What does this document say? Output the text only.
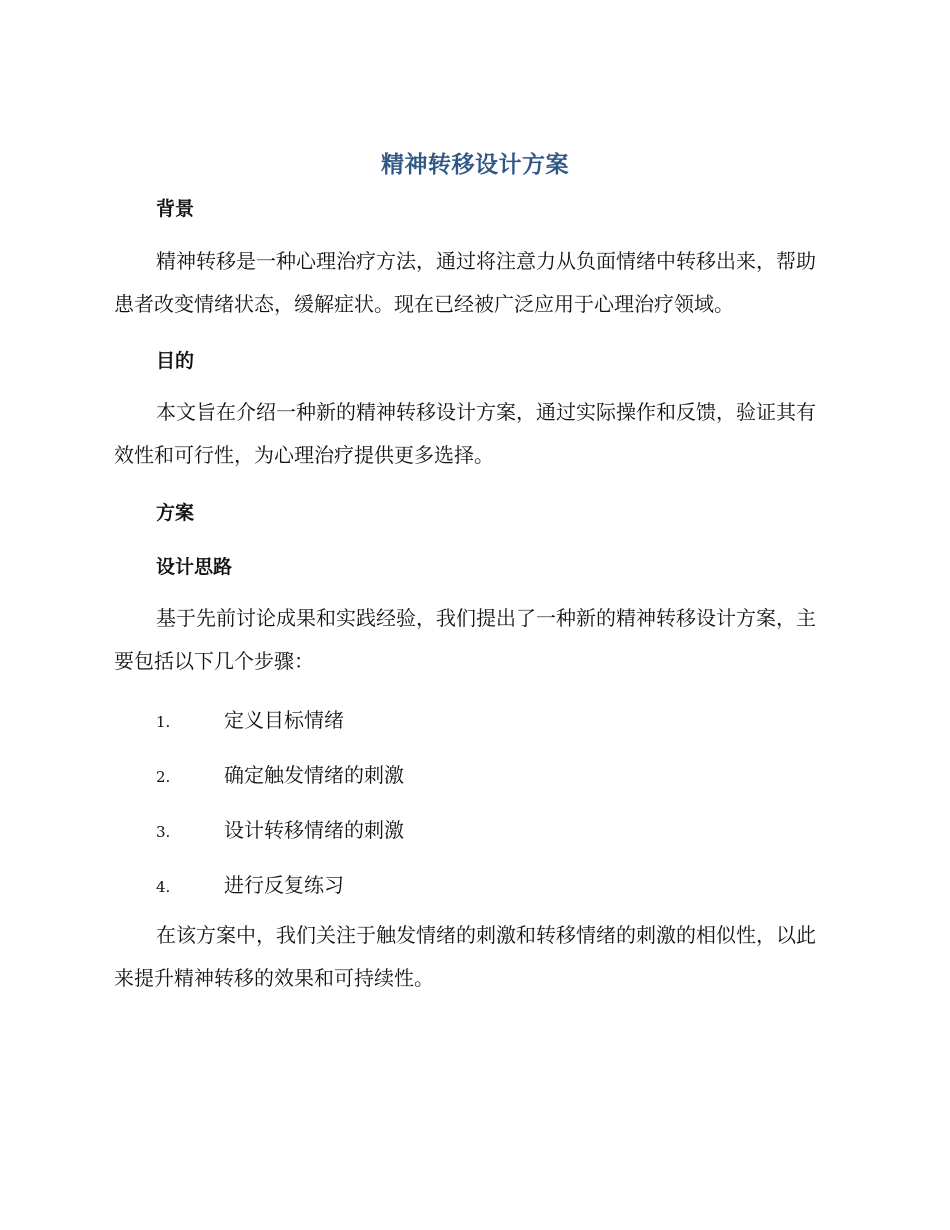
精神转移设计方案
背景
精神转移是一种心理治疗方法，通过将注意力从负面情绪中转移出来，帮助患者改变情绪状态，缓解症状。现在已经被广泛应用于心理治疗领域。
目的
本文旨在介绍一种新的精神转移设计方案，通过实际操作和反馈，验证其有效性和可行性，为心理治疗提供更多选择。
方案
设计思路
基于先前讨论成果和实践经验，我们提出了一种新的精神转移设计方案，主要包括以下几个步骤：
1.	定义目标情绪
2.	确定触发情绪的刺激
3.	设计转移情绪的刺激
4.	进行反复练习
在该方案中，我们关注于触发情绪的刺激和转移情绪的刺激的相似性，以此来提升精神转移的效果和可持续性。
